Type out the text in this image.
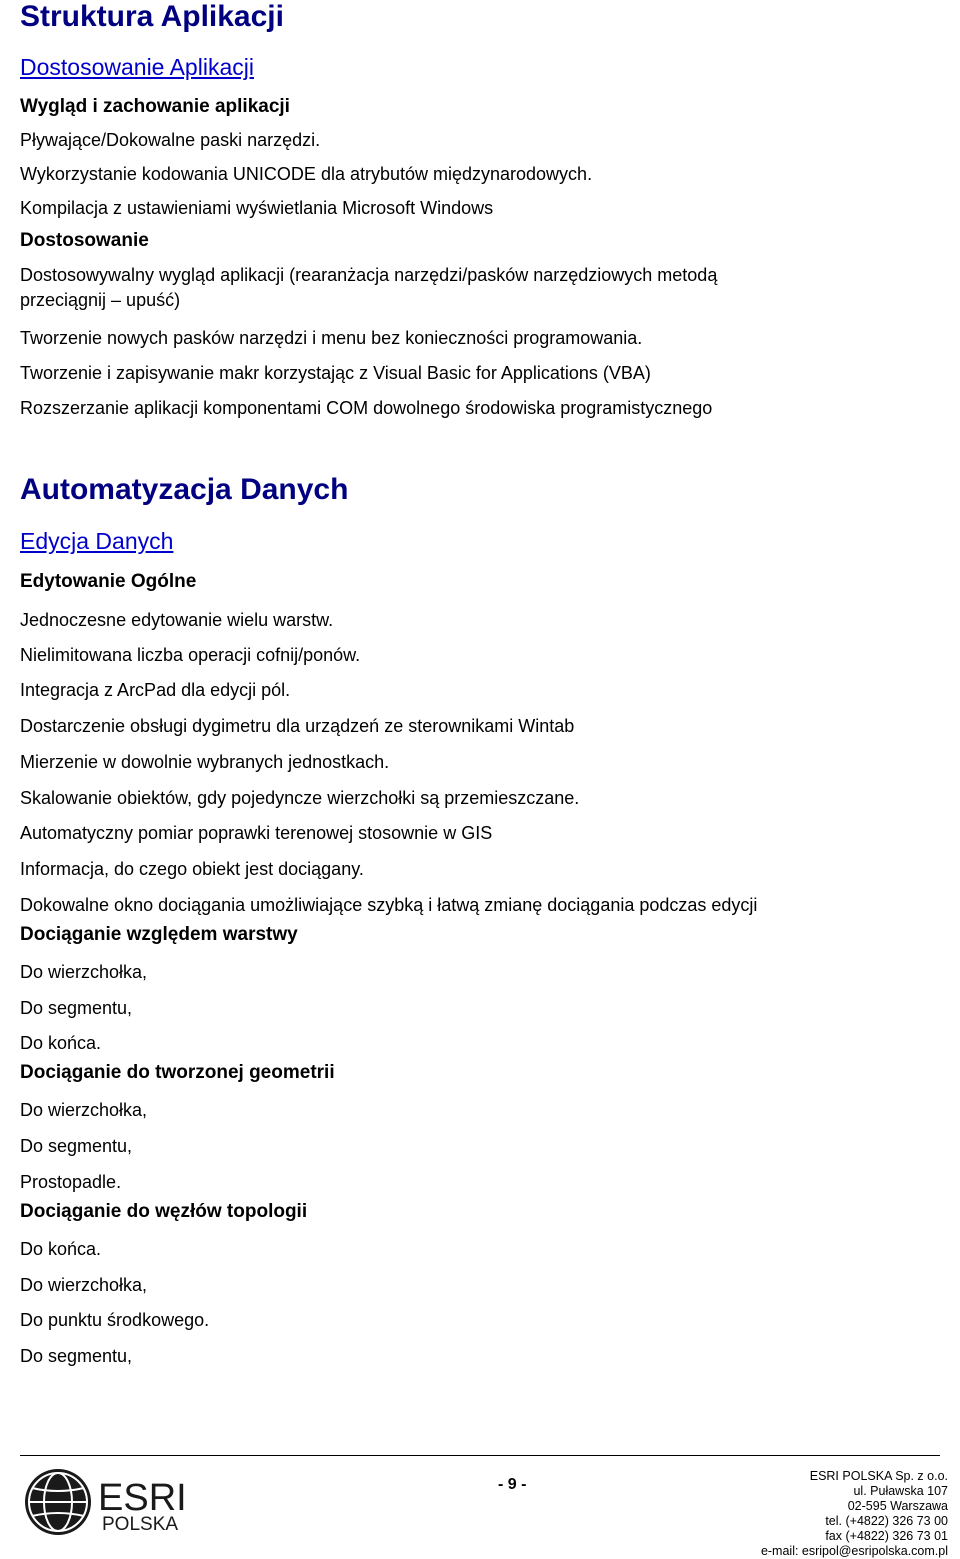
Struktura Aplikacji
Dostosowanie Aplikacji
Wygląd i zachowanie aplikacji
Pływające/Dokowalne paski narzędzi.
Wykorzystanie kodowania UNICODE dla atrybutów międzynarodowych.
Kompilacja z ustawieniami wyświetlania Microsoft Windows
Dostosowanie
Dostosowywalny wygląd aplikacji (rearanżacja narzędzi/pasków narzędziowych metodą
przeciągnij – upuść)
Tworzenie nowych pasków narzędzi i menu bez konieczności programowania.
Tworzenie i zapisywanie makr korzystając z Visual Basic for Applications (VBA)
Rozszerzanie aplikacji komponentami COM dowolnego środowiska programistycznego
Automatyzacja Danych
Edycja Danych
Edytowanie Ogólne
Jednoczesne edytowanie wielu warstw.
Nielimitowana liczba operacji cofnij/ponów.
Integracja z ArcPad dla edycji pól.
Dostarczenie obsługi dygimetru dla urządzeń ze sterownikami Wintab
Mierzenie w dowolnie wybranych jednostkach.
Skalowanie obiektów, gdy pojedyncze wierzchołki są przemieszczane.
Automatyczny pomiar poprawki terenowej stosownie w GIS
Informacja, do czego obiekt jest dociągany.
Dokowalne okno dociągania umożliwiające szybką i łatwą zmianę dociągania podczas edycji
Dociąganie względem warstwy
Do wierzchołka,
Do segmentu,
Do końca.
Dociąganie do tworzonej geometrii
Do wierzchołka,
Do segmentu,
Prostopadle.
Dociąganie do węzłów topologii
Do końca.
Do wierzchołka,
Do punktu środkowego.
Do segmentu,
ESRI
POLSKA
- 9 -	ESRI POLSKA Sp. z o.o.
ul. Puławska 107
02-595 Warszawa
tel. (+4822) 326 73 00
fax (+4822) 326 73 01
e-mail: esripol@esripolska.com.pl
